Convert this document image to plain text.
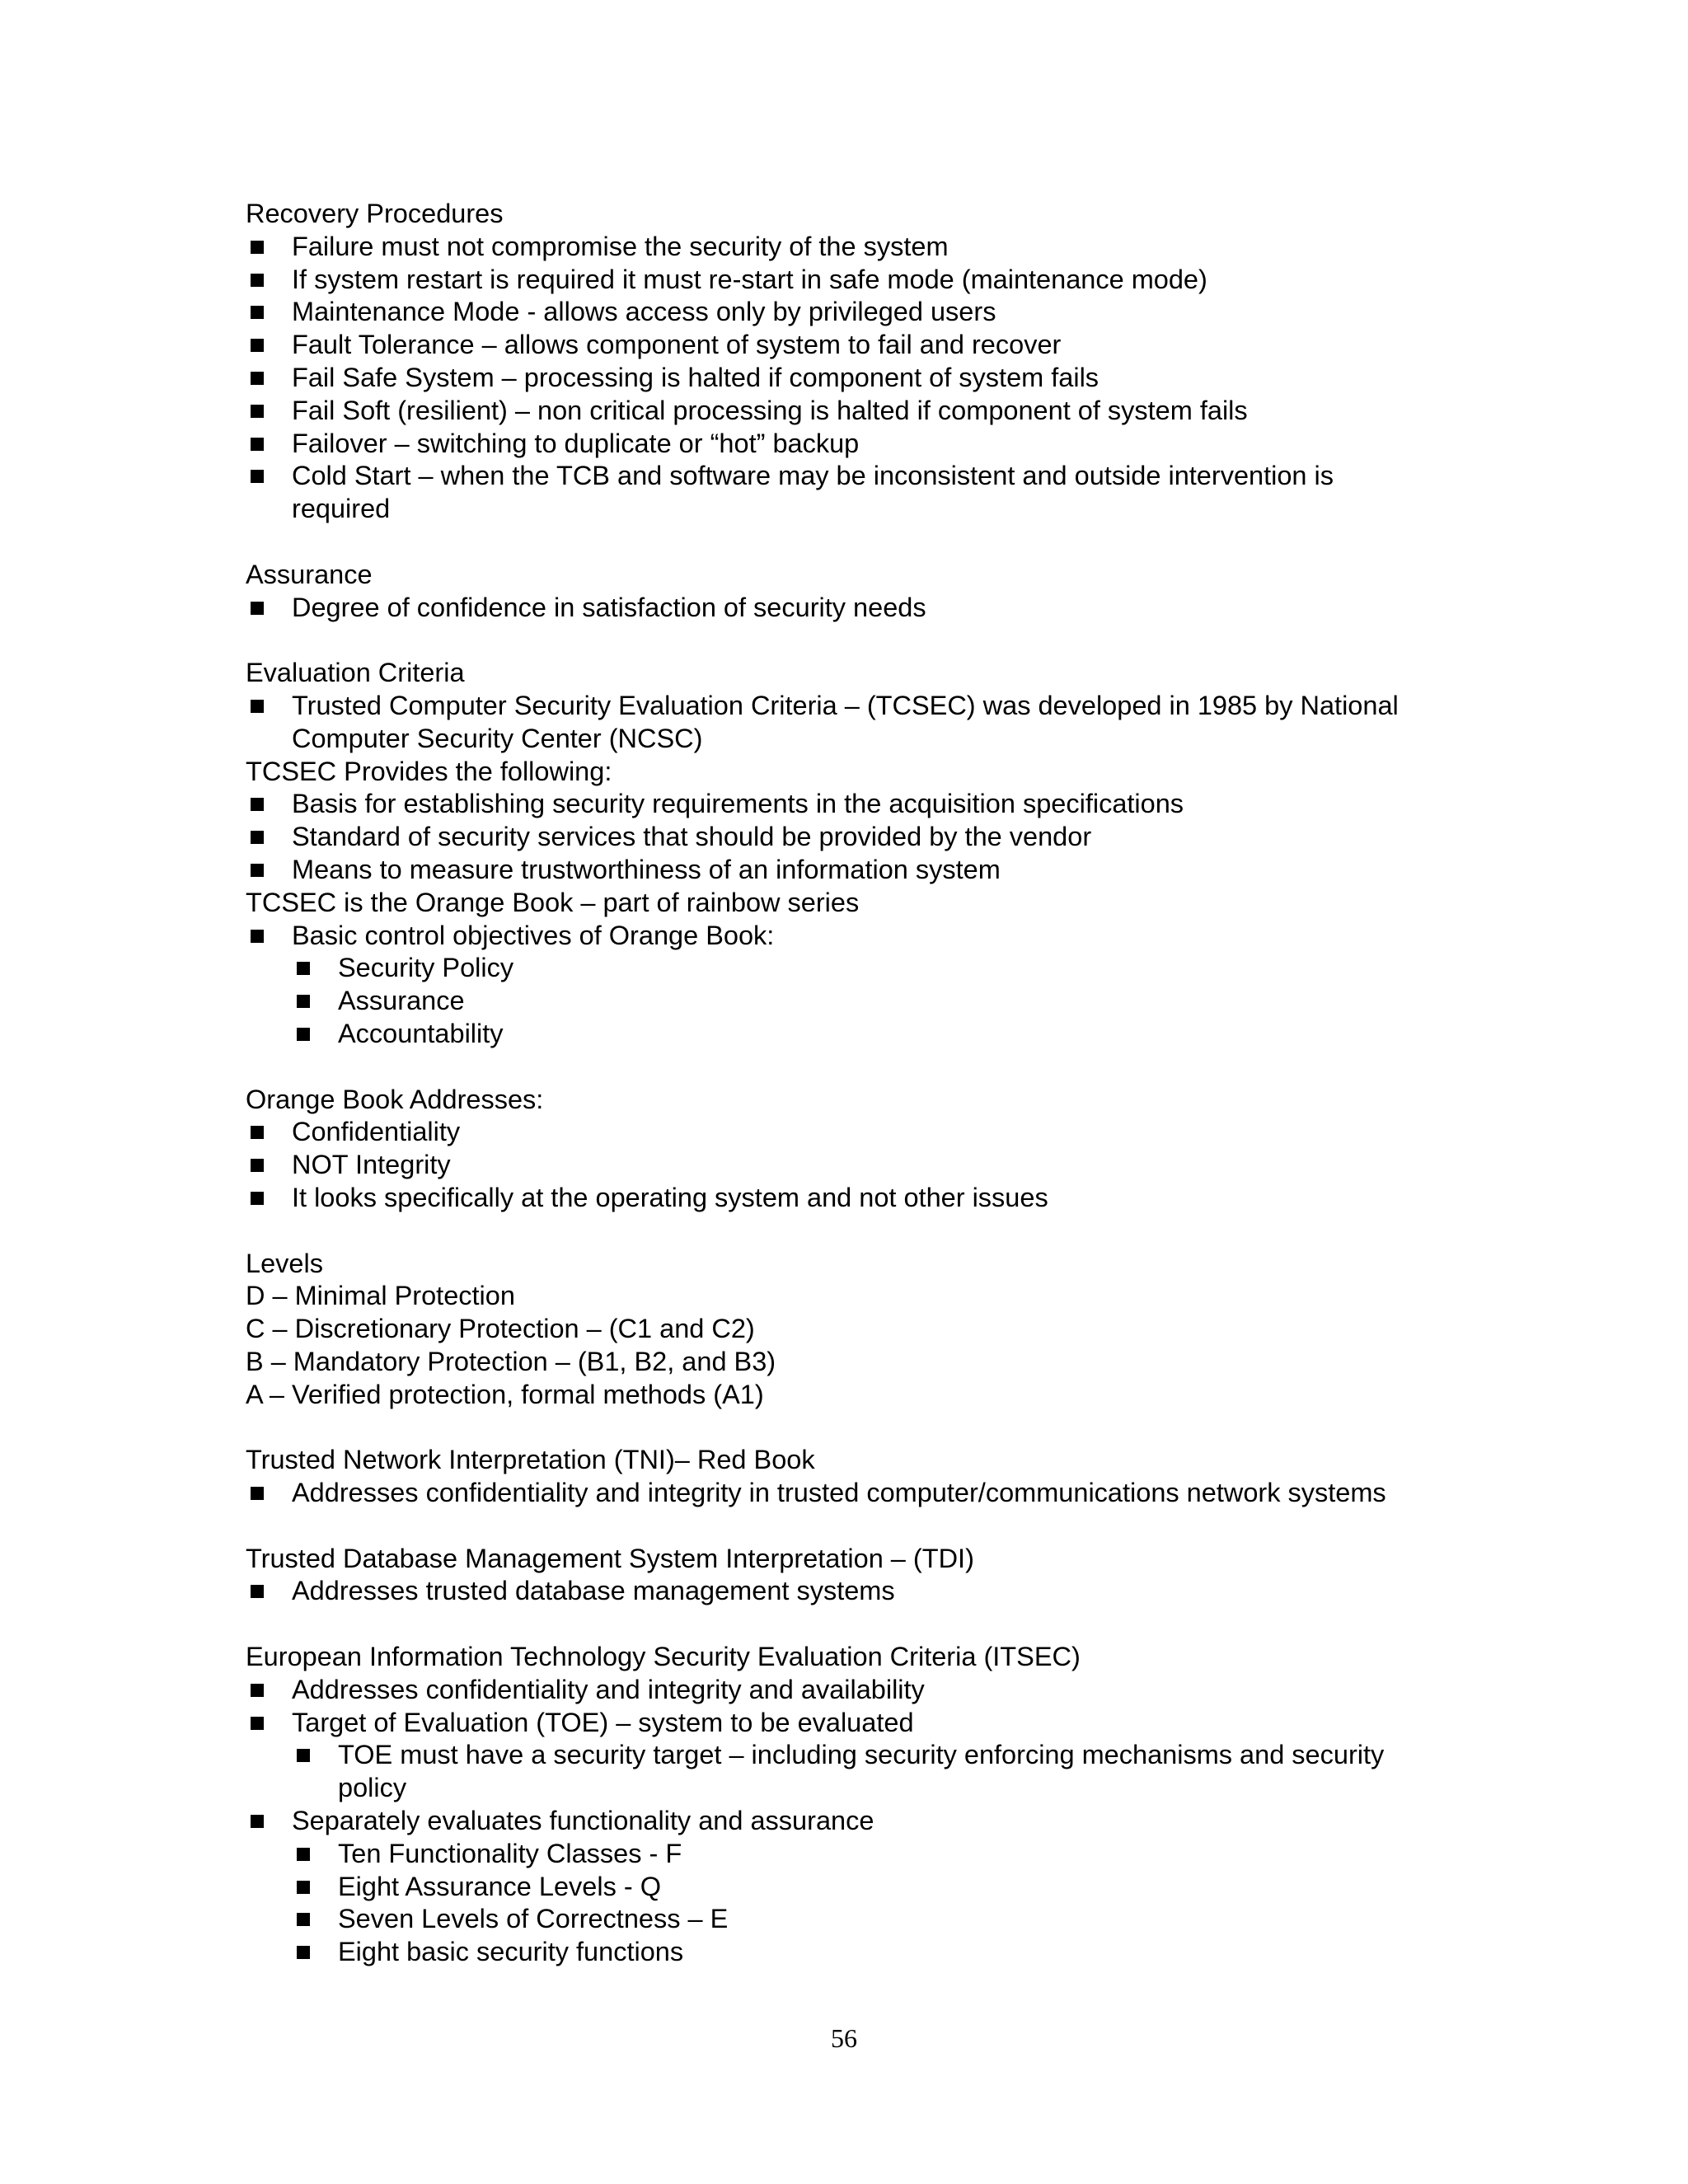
Recovery Procedures
Failure must not compromise the security of the system
If system restart is required it must re-start in safe mode (maintenance mode)
Maintenance Mode - allows access only by privileged users
Fault Tolerance – allows component of system to fail and recover
Fail Safe System – processing is halted if component of system fails
Fail Soft (resilient) – non critical processing is halted if component of system fails
Failover – switching to duplicate or “hot” backup
Cold Start – when the TCB and software may be inconsistent and outside intervention is
required
Assurance
Degree of confidence in satisfaction of security needs
Evaluation Criteria
Trusted Computer Security Evaluation Criteria – (TCSEC) was developed in 1985 by National
Computer Security Center (NCSC)
TCSEC Provides the following:
Basis for establishing security requirements in the acquisition specifications
Standard of security services that should be provided by the vendor
Means to measure trustworthiness of an information system
TCSEC is the Orange Book – part of rainbow series
Basic control objectives of Orange Book:
Security Policy
Assurance
Accountability
Orange Book Addresses:
Confidentiality
NOT Integrity
It looks specifically at the operating system and not other issues
Levels
D – Minimal Protection
C – Discretionary Protection – (C1 and C2)
B – Mandatory Protection – (B1, B2, and B3)
A – Verified protection, formal methods (A1)
Trusted Network Interpretation (TNI)– Red Book
Addresses confidentiality and integrity in trusted computer/communications network systems
Trusted Database Management System Interpretation – (TDI)
Addresses trusted database management systems
European Information Technology Security Evaluation Criteria (ITSEC)
Addresses confidentiality and integrity and availability
Target of Evaluation (TOE) – system to be evaluated
TOE must have a security target – including security enforcing mechanisms and security
policy
Separately evaluates functionality and assurance
Ten Functionality Classes - F
Eight Assurance Levels - Q
Seven Levels of Correctness – E
Eight basic security functions
56
